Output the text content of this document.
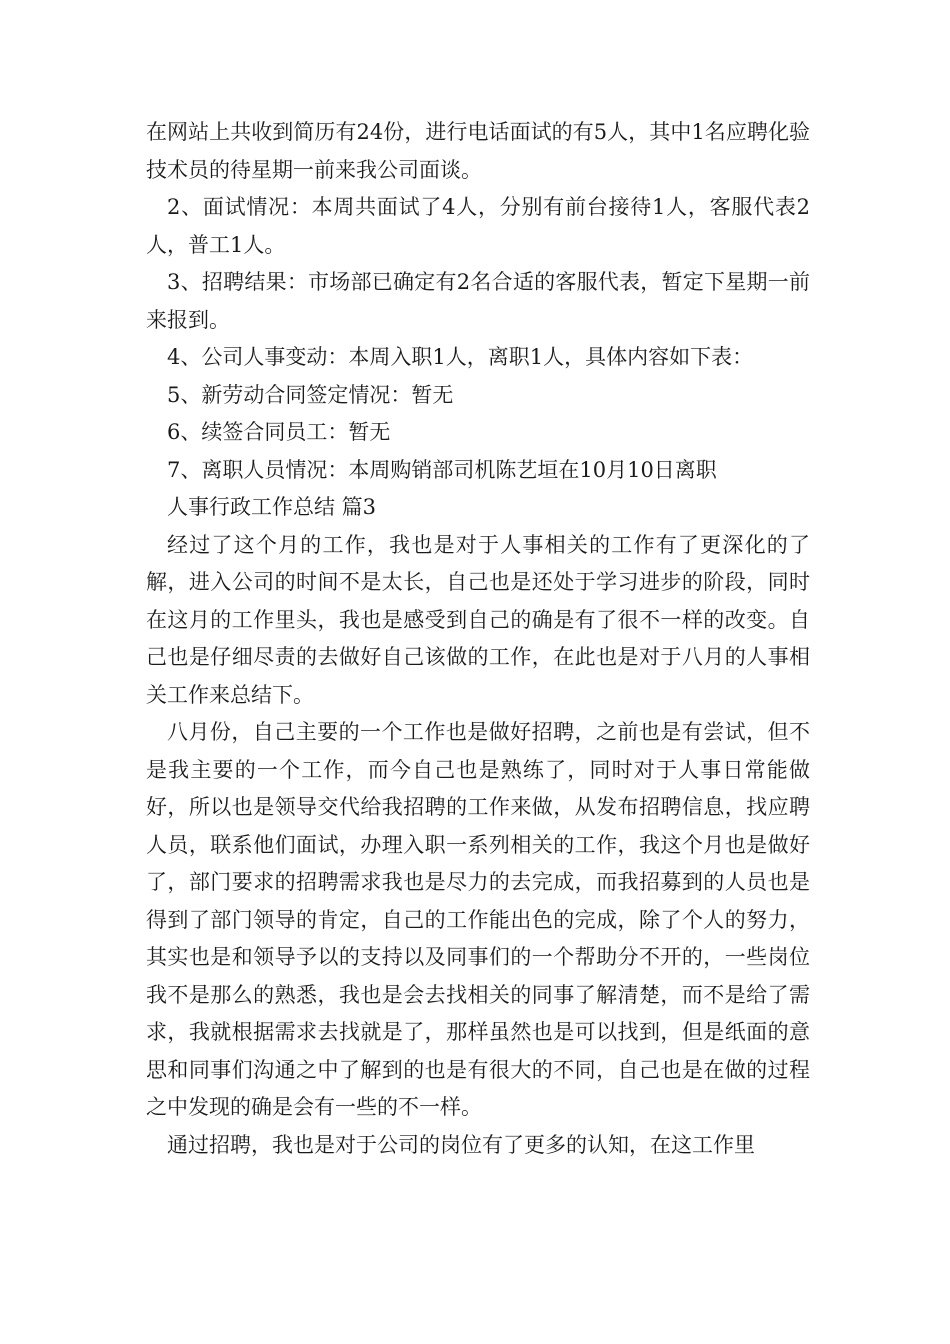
在网站上共收到简历有24份，进行电话面试的有5人，其中1名应聘化验技术员的待星期一前来我公司面谈。

2、面试情况：本周共面试了4人，分别有前台接待1人，客服代表2人，普工1人。

3、招聘结果：市场部已确定有2名合适的客服代表，暂定下星期一前来报到。

4、公司人事变动：本周入职1人，离职1人，具体内容如下表：

5、新劳动合同签定情况：暂无

6、续签合同员工：暂无

7、离职人员情况：本周购销部司机陈艺垣在10月10日离职

人事行政工作总结 篇3

经过了这个月的工作，我也是对于人事相关的工作有了更深化的了解，进入公司的时间不是太长，自己也是还处于学习进步的阶段，同时在这月的工作里头，我也是感受到自己的确是有了很不一样的改变。自己也是仔细尽责的去做好自己该做的工作，在此也是对于八月的人事相关工作来总结下。

八月份，自己主要的一个工作也是做好招聘，之前也是有尝试，但不是我主要的一个工作，而今自己也是熟练了，同时对于人事日常能做好，所以也是领导交代给我招聘的工作来做，从发布招聘信息，找应聘人员，联系他们面试，办理入职一系列相关的工作，我这个月也是做好了，部门要求的招聘需求我也是尽力的去完成，而我招募到的人员也是得到了部门领导的肯定，自己的工作能出色的完成，除了个人的努力，其实也是和领导予以的支持以及同事们的一个帮助分不开的，一些岗位我不是那么的熟悉，我也是会去找相关的同事了解清楚，而不是给了需求，我就根据需求去找就是了，那样虽然也是可以找到，但是纸面的意思和同事们沟通之中了解到的也是有很大的不同，自己也是在做的过程之中发现的确是会有一些的不一样。

通过招聘，我也是对于公司的岗位有了更多的认知，在这工作里
